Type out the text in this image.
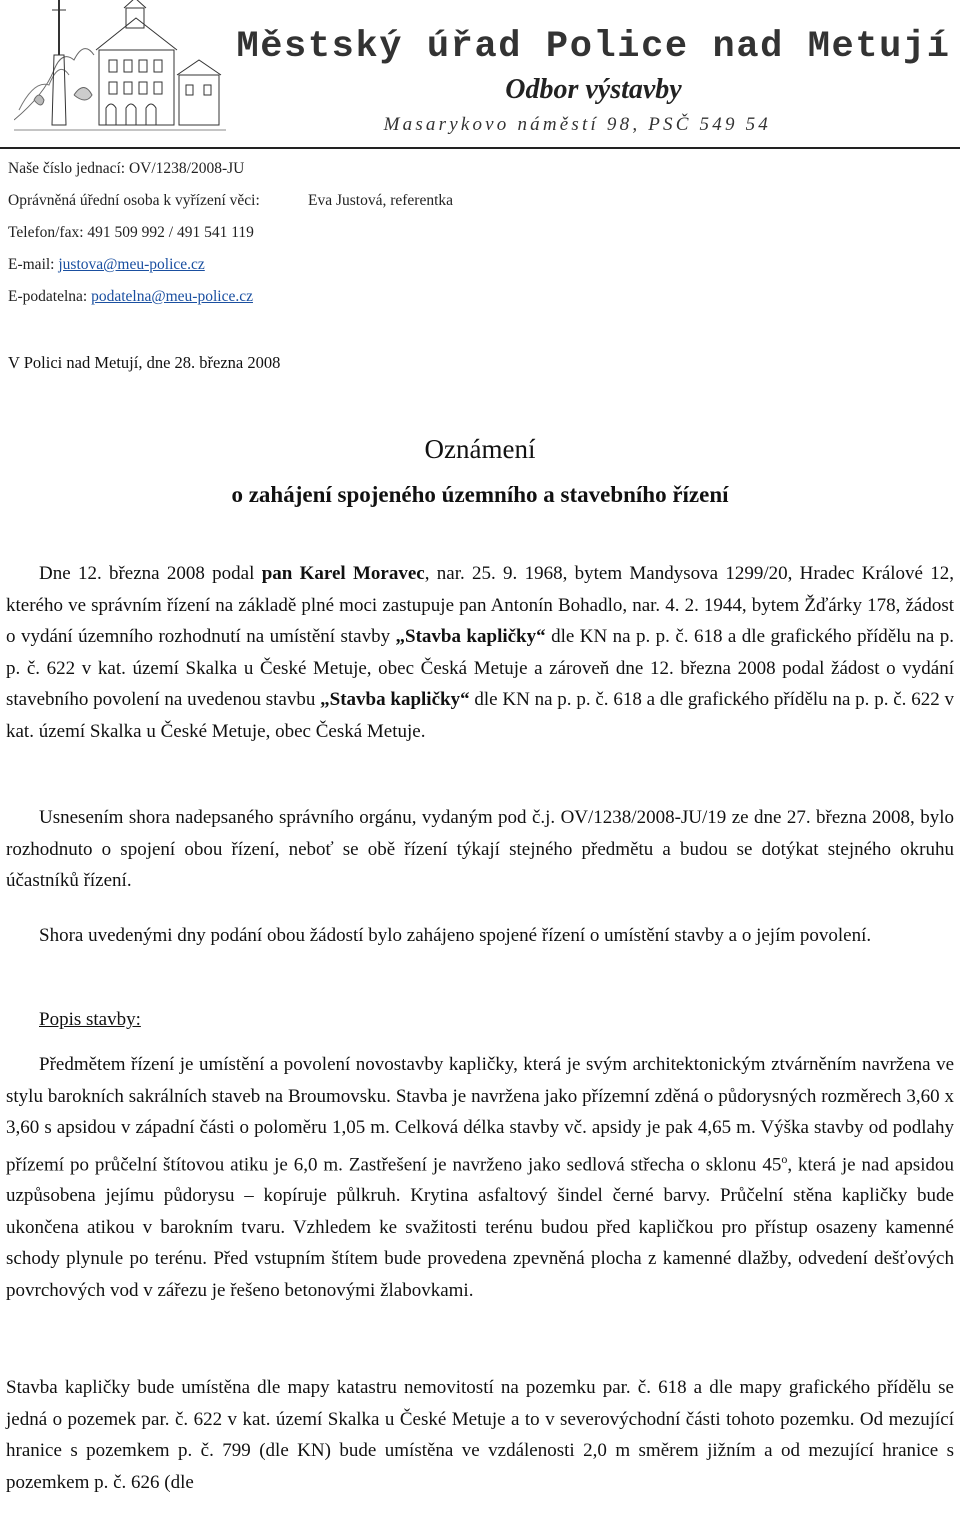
Městský úřad Police nad Metují
Odbor výstavby
Masarykovo náměstí 98, PSČ 549 54
Naše číslo jednací: OV/1238/2008-JU
Oprávněná úřední osoba k vyřízení věci:	Eva Justová, referentka
Telefon/fax: 491 509 992 / 491 541 119
E-mail: justova@meu-police.cz
E-podatelna: podatelna@meu-police.cz
V Polici nad Metují, dne 28. března 2008
Oznámení
o zahájení spojeného územního a stavebního řízení

Dne 12. března 2008 podal pan Karel Moravec, nar. 25. 9. 1968, bytem Mandysova 1299/20, Hradec Králové 12, kterého ve správním řízení na základě plné moci zastupuje pan Antonín Bohadlo, nar. 4. 2. 1944, bytem Žďárky 178, žádost o vydání územního rozhodnutí na umístění stavby „Stavba kapličky“ dle KN na p. p. č. 618 a dle grafického přídělu na p. p. č. 622 v kat. území Skalka u České Metuje, obec Česká Metuje a zároveň dne 12. března 2008 podal žádost o vydání stavebního povolení na uvedenou stavbu „Stavba kapličky“ dle KN na p. p. č. 618 a dle grafického přídělu na p. p. č. 622 v kat. území Skalka u České Metuje, obec Česká Metuje.

Usnesením shora nadepsaného správního orgánu, vydaným pod č.j. OV/1238/2008-JU/19 ze dne 27. března 2008, bylo rozhodnuto o spojení obou řízení, neboť se obě řízení týkají stejného předmětu a budou se dotýkat stejného okruhu účastníků řízení.

Shora uvedenými dny podání obou žádostí bylo zahájeno spojené řízení o umístění stavby a o jejím povolení.

Popis stavby:

Předmětem řízení je umístění a povolení novostavby kapličky, která je svým architektonickým ztvárněním navržena ve stylu barokních sakrálních staveb na Broumovsku. Stavba je navržena jako přízemní zděná o půdorysných rozměrech 3,60 x 3,60 s apsidou v západní části o poloměru 1,05 m. Celková délka stavby vč. apsidy je pak 4,65 m. Výška stavby od podlahy přízemí po průčelní štítovou atiku je 6,0 m. Zastřešení je navrženo jako sedlová střecha o sklonu 45$^o$, která je nad apsidou uzpůsobena jejímu půdorysu – kopíruje půlkruh. Krytina asfaltový šindel černé barvy. Průčelní stěna kapličky bude ukončena atikou v barokním tvaru. Vzhledem ke svažitosti terénu budou před kapličkou pro přístup osazeny kamenné schody plynule po terénu. Před vstupním štítem bude provedena zpevněná plocha z kamenné dlažby, odvedení dešťových povrchových vod v zářezu je řešeno betonovými žlabovkami.

Stavba kapličky bude umístěna dle mapy katastru nemovitostí na pozemku par. č. 618 a dle mapy grafického přídělu se jedná o pozemek par. č. 622 v kat. území Skalka u České Metuje a to v severovýchodní části tohoto pozemku. Od mezující hranice s pozemkem p. č. 799 (dle KN) bude umístěna ve vzdálenosti 2,0 m směrem jižním a od mezující hranice s pozemkem p. č. 626 (dle
